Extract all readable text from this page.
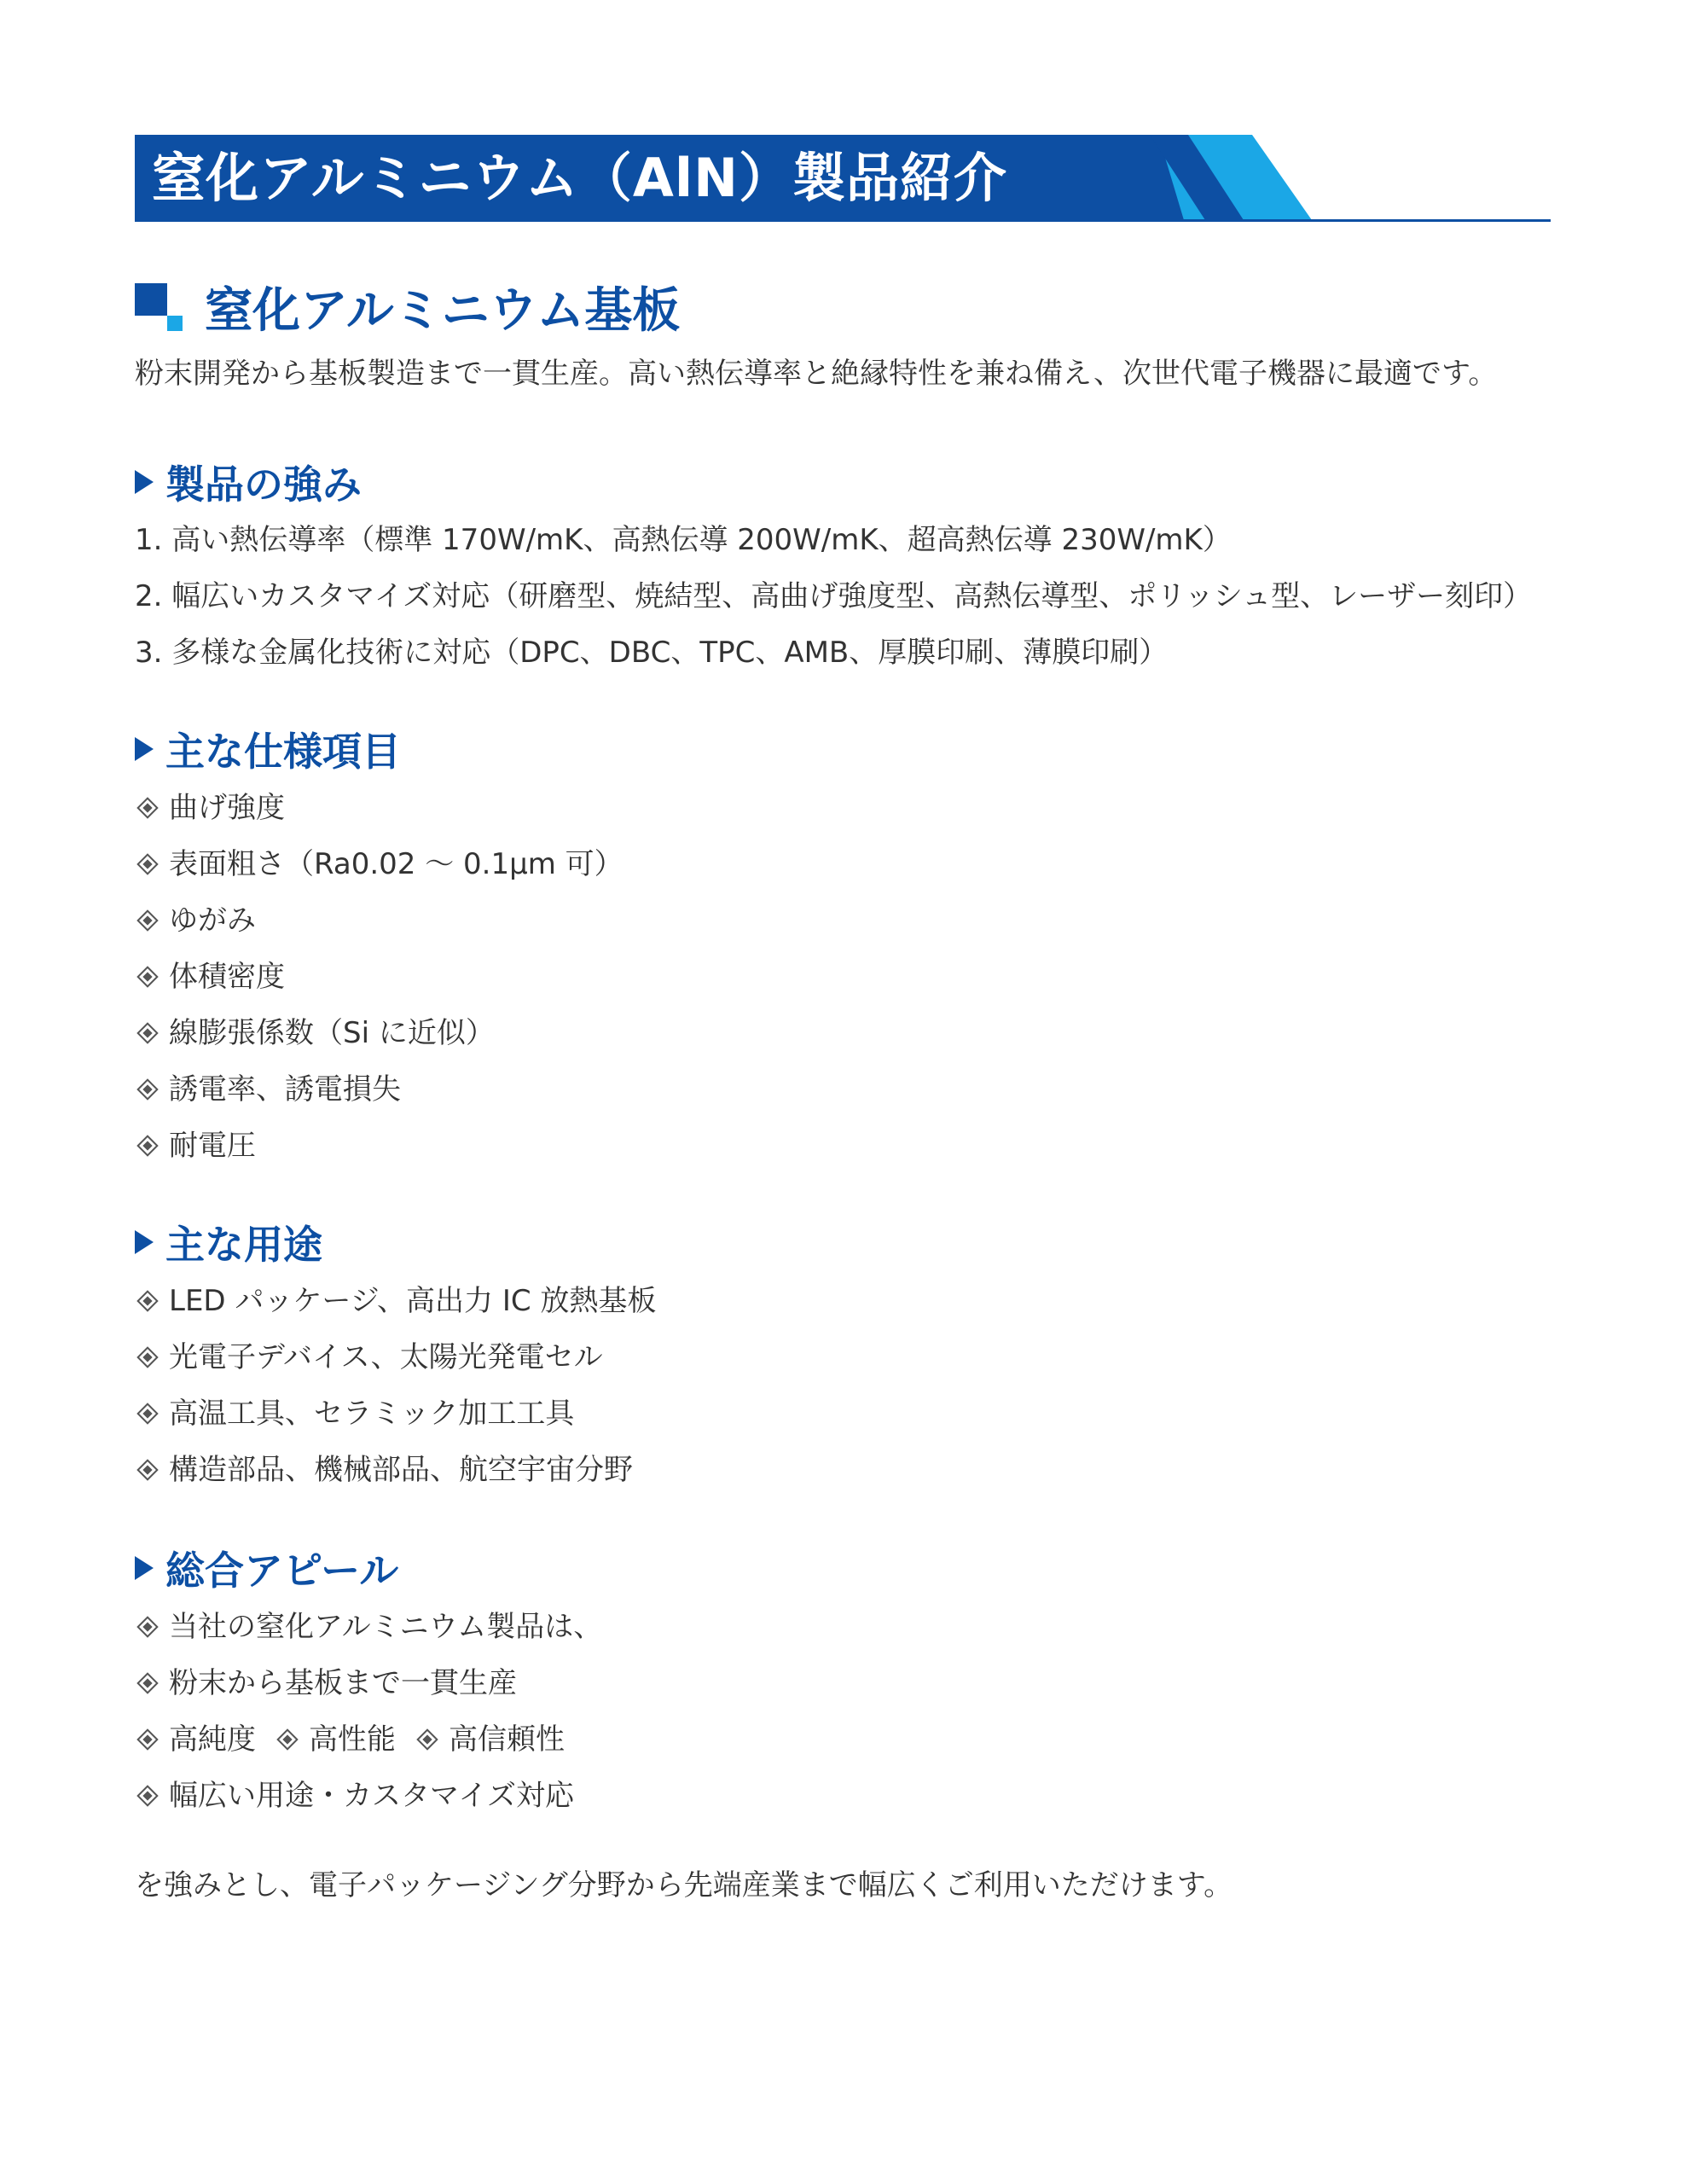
窒化アルミニウム（AlN）製品紹介
窒化アルミニウム基板
粉末開発から基板製造まで一貫生産。高い熱伝導率と絶縁特性を兼ね備え、次世代電子機器に最適です。
製品の強み
1. 高い熱伝導率（標準 170W/mK、高熱伝導 200W/mK、超高熱伝導 230W/mK）
2. 幅広いカスタマイズ対応（研磨型、焼結型、高曲げ強度型、高熱伝導型、ポリッシュ型、レーザー刻印）
3. 多様な金属化技術に対応（DPC、DBC、TPC、AMB、厚膜印刷、薄膜印刷）
主な仕様項目
曲げ強度
表面粗さ（Ra0.02 ～ 0.1μm 可）
ゆがみ
体積密度
線膨張係数（Si に近似）
誘電率、誘電損失
耐電圧
主な用途
LED パッケージ、高出力 IC 放熱基板
光電子デバイス、太陽光発電セル
高温工具、セラミック加工工具
構造部品、機械部品、航空宇宙分野
総合アピール
当社の窒化アルミニウム製品は、
粉末から基板まで一貫生産
高純度 高性能 高信頼性
幅広い用途・カスタマイズ対応
を強みとし、電子パッケージング分野から先端産業まで幅広くご利用いただけます。
